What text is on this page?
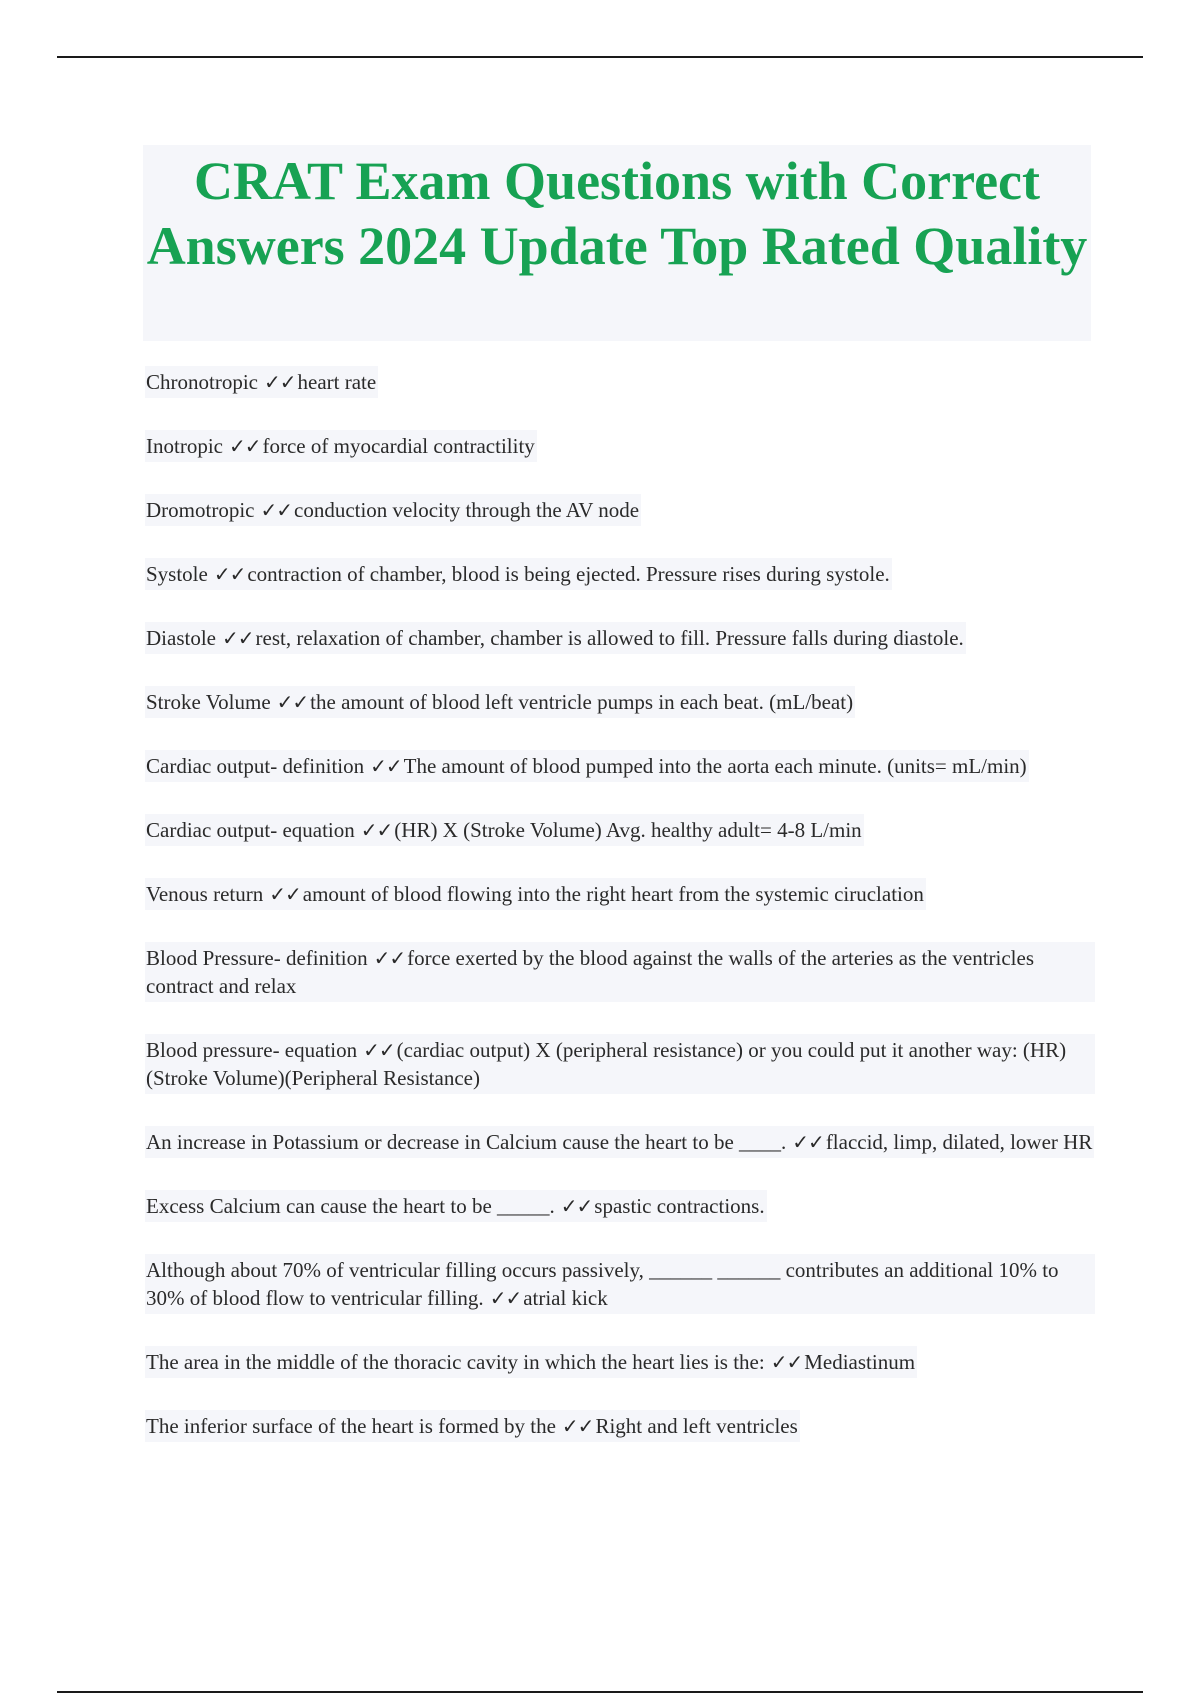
CRAT Exam Questions with Correct Answers 2024 Update Top Rated Quality
Chronotropic ✓✓heart rate
Inotropic ✓✓force of myocardial contractility
Dromotropic ✓✓conduction velocity through the AV node
Systole ✓✓contraction of chamber, blood is being ejected. Pressure rises during systole.
Diastole ✓✓rest, relaxation of chamber, chamber is allowed to fill. Pressure falls during diastole.
Stroke Volume ✓✓the amount of blood left ventricle pumps in each beat. (mL/beat)
Cardiac output- definition ✓✓The amount of blood pumped into the aorta each minute. (units= mL/min)
Cardiac output- equation ✓✓(HR) X (Stroke Volume) Avg. healthy adult= 4-8 L/min
Venous return ✓✓amount of blood flowing into the right heart from the systemic ciruclation
Blood Pressure- definition ✓✓force exerted by the blood against the walls of the arteries as the ventricles contract and relax
Blood pressure- equation ✓✓(cardiac output) X (peripheral resistance) or you could put it another way: (HR)(Stroke Volume)(Peripheral Resistance)
An increase in Potassium or decrease in Calcium cause the heart to be ____. ✓✓flaccid, limp, dilated, lower HR
Excess Calcium can cause the heart to be _____. ✓✓spastic contractions.
Although about 70% of ventricular filling occurs passively, ______ ______ contributes an additional 10% to 30% of blood flow to ventricular filling. ✓✓atrial kick
The area in the middle of the thoracic cavity in which the heart lies is the: ✓✓Mediastinum
The inferior surface of the heart is formed by the ✓✓Right and left ventricles
